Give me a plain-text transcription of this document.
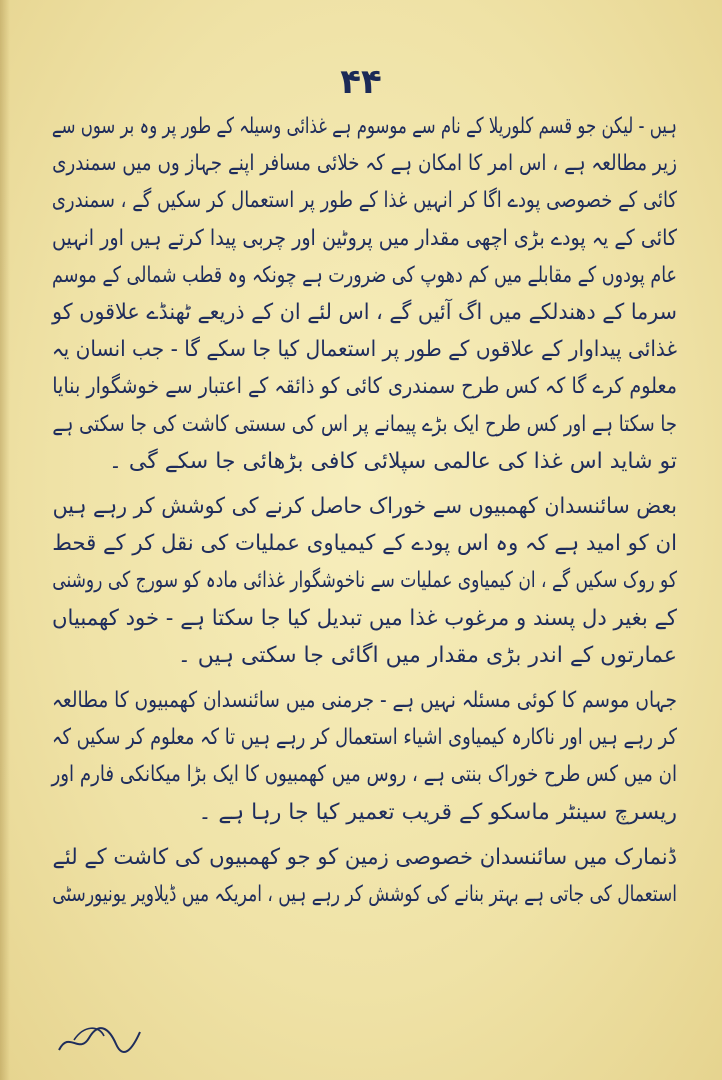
۴۴
ہیں - لیکن جو قسم کلوریلا کے نام سے موسوم ہے غذائی وسیلہ کے طور پر وہ بر سوں سے
زیر مطالعہ ہے ، اس امر کا امکان ہے کہ خلائی مسافر اپنے جہاز وں میں سمندری
کائی کے خصوصی پودے اگا کر انہیں غذا کے طور پر استعمال کر سکیں گے ، سمندری
کائی کے یہ پودے بڑی اچھی مقدار میں پروٹین اور چربی پیدا کرتے ہیں اور انہیں
عام پودوں کے مقابلے میں کم دھوپ کی ضرورت ہے چونکہ وہ قطب شمالی کے موسم
سرما کے دھندلکے میں اگ آئیں گے ، اس لئے ان کے ذریعے ٹھنڈے علاقوں کو
غذائی پیداوار کے علاقوں کے طور پر استعمال کیا جا سکے گا - جب انسان یہ
معلوم کرے گا کہ کس طرح سمندری کائی کو ذائقہ کے اعتبار سے خوشگوار بنایا
جا سکتا ہے اور کس طرح ایک بڑے پیمانے پر اس کی سستی کاشت کی جا سکتی ہے
تو شاید اس غذا کی عالمی سپلائی کافی بڑھائی جا سکے گی ۔
بعض سائنسدان کھمبیوں سے خوراک حاصل کرنے کی کوشش کر رہے ہیں
ان کو امید ہے کہ وہ اس پودے کے کیمیاوی عملیات کی نقل کر کے قحط
کو روک سکیں گے ، ان کیمیاوی عملیات سے ناخوشگوار غذائی مادہ کو سورج کی روشنی
کے بغیر دل پسند و مرغوب غذا میں تبدیل کیا جا سکتا ہے - خود کھمبیاں
عمارتوں کے اندر بڑی مقدار میں اگائی جا سکتی ہیں ۔
جہاں موسم کا کوئی مسئلہ نہیں ہے - جرمنی میں سائنسدان کھمبیوں کا مطالعہ
کر رہے ہیں اور ناکارہ کیمیاوی اشیاء استعمال کر رہے ہیں تا کہ معلوم کر سکیں کہ
ان میں کس طرح خوراک بنتی ہے ، روس میں کھمبیوں کا ایک بڑا میکانکی فارم اور
ریسرچ سینٹر ماسکو کے قریب تعمیر کیا جا رہا ہے ۔
ڈنمارک میں سائنسدان خصوصی زمین کو جو کھمبیوں کی کاشت کے لئے
استعمال کی جاتی ہے بہتر بنانے کی کوشش کر رہے ہیں ، امریکہ میں ڈیلاویر یونیورسٹی
